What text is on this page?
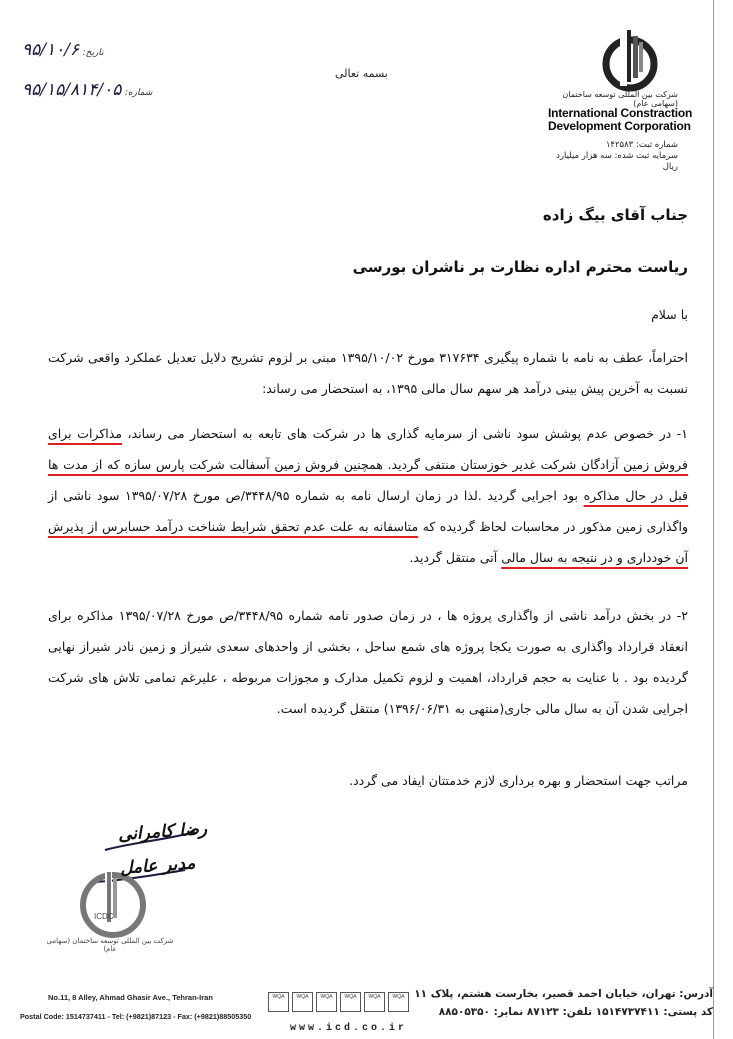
تاریخ: ۹۵/۱۰/۶
شماره: ۹۵/۱۵/۸۱۴/۰۵
بسمه تعالی
شرکت بین المللی توسعه ساختمان (سهامی عام)
International Constraction
Development Corporation
شماره ثبت: ۱۴۲۵۸۳
سرمایه ثبت شده: سه هزار میلیارد ریال
جناب آقای بیگ زاده
ریاست محترم اداره نظارت بر ناشران بورسی
با سلام

احتراماً، عطف به نامه با شماره پیگیری ۳۱۷۶۳۴ مورخ ۱۳۹۵/۱۰/۰۲ مبنی بر لزوم تشریح دلایل تعدیل عملکرد واقعی شرکت نسبت به آخرین پیش بینی درآمد هر سهم سال مالی ۱۳۹۵، به استحضار می رساند:

۱- در خصوص عدم پوشش سود ناشی از سرمایه گذاری ها در شرکت های تابعه به استحضار می رساند، مذاکرات برای فروش زمین آزادگان شرکت غدیر خوزستان منتفی گردید. همچنین فروش زمین آسفالت شرکت پارس سازه که از مدت ها قبل در حال مذاکره بود اجرایی گردید .لذا در زمان ارسال نامه به شماره ۳۴۴۸/۹۵/ص مورخ ۱۳۹۵/۰۷/۲۸ سود ناشی از واگذاری زمین مذکور در محاسبات لحاظ گردیده که متاسفانه به علت عدم تحقق شرایط شناخت درآمد حسابرس از پذیرش آن خودداری و در نتیجه به سال مالی آتی منتقل گردید.

۲- در بخش درآمد ناشی از واگذاری پروژه ها ، در زمان صدور نامه شماره ۳۴۴۸/۹۵/ص مورخ ۱۳۹۵/۰۷/۲۸ مذاکره برای انعقاد قرارداد واگذاری به صورت یکجا پروژه های شمع ساحل ، بخشی از واحدهای سعدی شیراز و زمین نادر شیراز نهایی گردیده بود . با عنایت به حجم قرارداد، اهمیت و لزوم تکمیل مدارک و مجوزات مربوطه ، علیرغم تمامی تلاش های شرکت اجرایی شدن آن به سال مالی جاری(منتهی به ۱۳۹۶/۰۶/۳۱) منتقل گردیده است.

مراتب جهت استحضار و بهره برداری لازم خدمتتان ایفاد می گردد.
رضا کامرانی
مدیر عامل
ICDC
شرکت بین المللی توسعه ساختمان (سهامی عام)
No.11, 8 Alley, Ahmad Ghasir Ave., Tehran-Iran
Postal Code: 1514737411 - Tel: (+9821)87123 - Fax: (+9821)88505350
WQA	WQA	WQA	WQA	WQA	WQA
www.icd.co.ir
آدرس: تهران، خیابان احمد قصیر، بخارست هشتم، پلاک ۱۱
کد پستی: ۱۵۱۴۷۳۷۴۱۱ تلفن: ۸۷۱۲۳ نمابر: ۸۸۵۰۵۳۵۰
